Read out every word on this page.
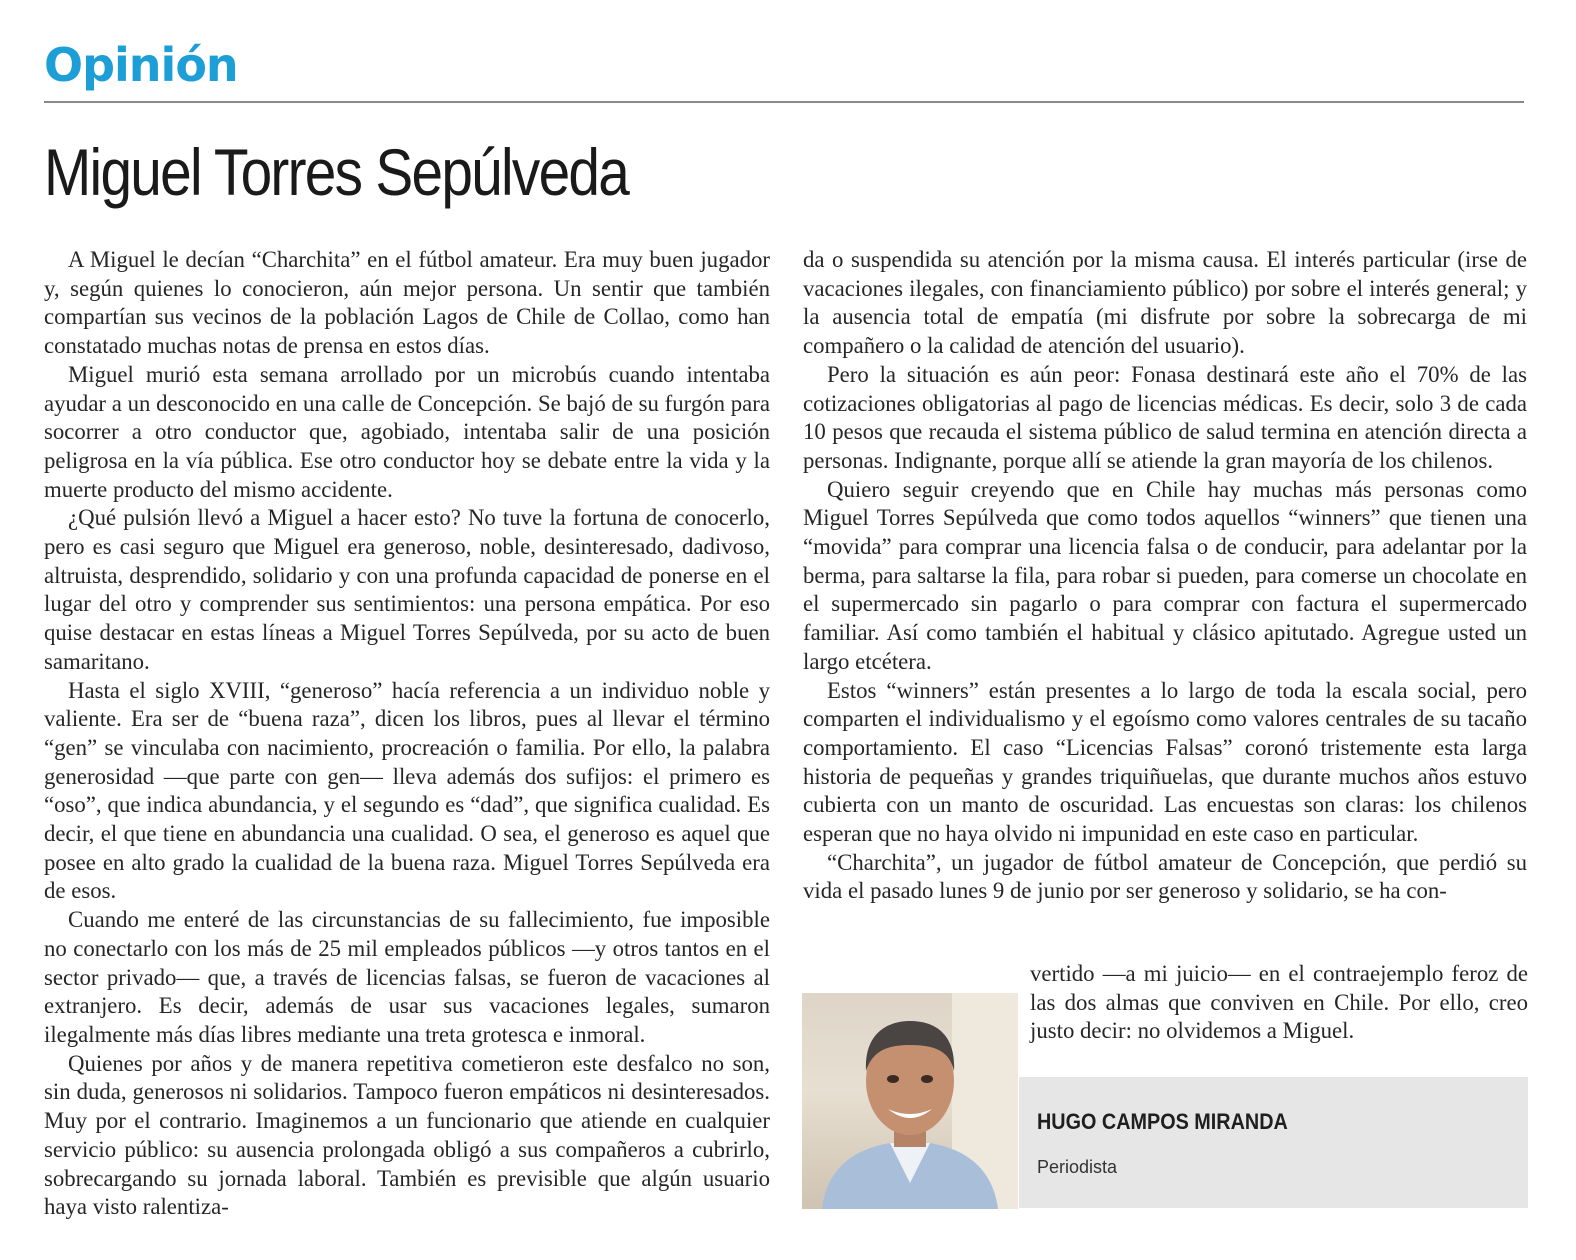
Opinión
Miguel Torres Sepúlveda

A Miguel le decían “Charchita” en el fútbol amateur. Era muy buen jugador y, según quienes lo conocieron, aún mejor persona. Un sentir que también compartían sus vecinos de la población Lagos de Chile de Collao, como han constatado muchas notas de prensa en estos días.

Miguel murió esta semana arrollado por un microbús cuando intentaba ayudar a un desconocido en una calle de Concepción. Se bajó de su furgón para socorrer a otro conductor que, agobiado, intentaba salir de una posición peligrosa en la vía pública. Ese otro conductor hoy se debate entre la vida y la muerte producto del mismo accidente.

¿Qué pulsión llevó a Miguel a hacer esto? No tuve la fortuna de conocerlo, pero es casi seguro que Miguel era generoso, noble, desinteresado, dadivoso, altruista, desprendido, solidario y con una profunda capacidad de ponerse en el lugar del otro y comprender sus sentimientos: una persona empática. Por eso quise destacar en estas líneas a Miguel Torres Sepúlveda, por su acto de buen samaritano.

Hasta el siglo XVIII, “generoso” hacía referencia a un individuo noble y valiente. Era ser de “buena raza”, dicen los libros, pues al llevar el término “gen” se vinculaba con nacimiento, procreación o familia. Por ello, la palabra generosidad —que parte con gen— lleva además dos sufijos: el primero es “oso”, que indica abundancia, y el segundo es “dad”, que significa cualidad. Es decir, el que tiene en abundancia una cualidad. O sea, el generoso es aquel que posee en alto grado la cualidad de la buena raza. Miguel Torres Sepúlveda era de esos.

Cuando me enteré de las circunstancias de su fallecimiento, fue imposible no conectarlo con los más de 25 mil empleados públicos —y otros tantos en el sector privado— que, a través de licencias falsas, se fueron de vacaciones al extranjero. Es decir, además de usar sus vacaciones legales, sumaron ilegalmente más días libres mediante una treta grotesca e inmoral.

Quienes por años y de manera repetitiva cometieron este desfalco no son, sin duda, generosos ni solidarios. Tampoco fueron empáticos ni desinteresados. Muy por el contrario. Imaginemos a un funcionario que atiende en cualquier servicio público: su ausencia prolongada obligó a sus compañeros a cubrirlo, sobrecargando su jornada laboral. También es previsible que algún usuario haya visto ralentiza-

da o suspendida su atención por la misma causa. El interés particular (irse de vacaciones ilegales, con financiamiento público) por sobre el interés general; y la ausencia total de empatía (mi disfrute por sobre la sobrecarga de mi compañero o la calidad de atención del usuario).

Pero la situación es aún peor: Fonasa destinará este año el 70% de las cotizaciones obligatorias al pago de licencias médicas. Es decir, solo 3 de cada 10 pesos que recauda el sistema público de salud termina en atención directa a personas. Indignante, porque allí se atiende la gran mayoría de los chilenos.

Quiero seguir creyendo que en Chile hay muchas más personas como Miguel Torres Sepúlveda que como todos aquellos “winners” que tienen una “movida” para comprar una licencia falsa o de conducir, para adelantar por la berma, para saltarse la fila, para robar si pueden, para comerse un chocolate en el supermercado sin pagarlo o para comprar con factura el supermercado familiar. Así como también el habitual y clásico apitutado. Agregue usted un largo etcétera.

Estos “winners” están presentes a lo largo de toda la escala social, pero comparten el individualismo y el egoísmo como valores centrales de su tacaño comportamiento. El caso “Licencias Falsas” coronó tristemente esta larga historia de pequeñas y grandes triquiñuelas, que durante muchos años estuvo cubierta con un manto de oscuridad. Las encuestas son claras: los chilenos esperan que no haya olvido ni impunidad en este caso en particular.

“Charchita”, un jugador de fútbol amateur de Concepción, que perdió su vida el pasado lunes 9 de junio por ser generoso y solidario, se ha con-

vertido —a mi juicio— en el contraejemplo feroz de las dos almas que conviven en Chile. Por ello, creo justo decir: no olvidemos a Miguel.

HUGO CAMPOS MIRANDA
Periodista
